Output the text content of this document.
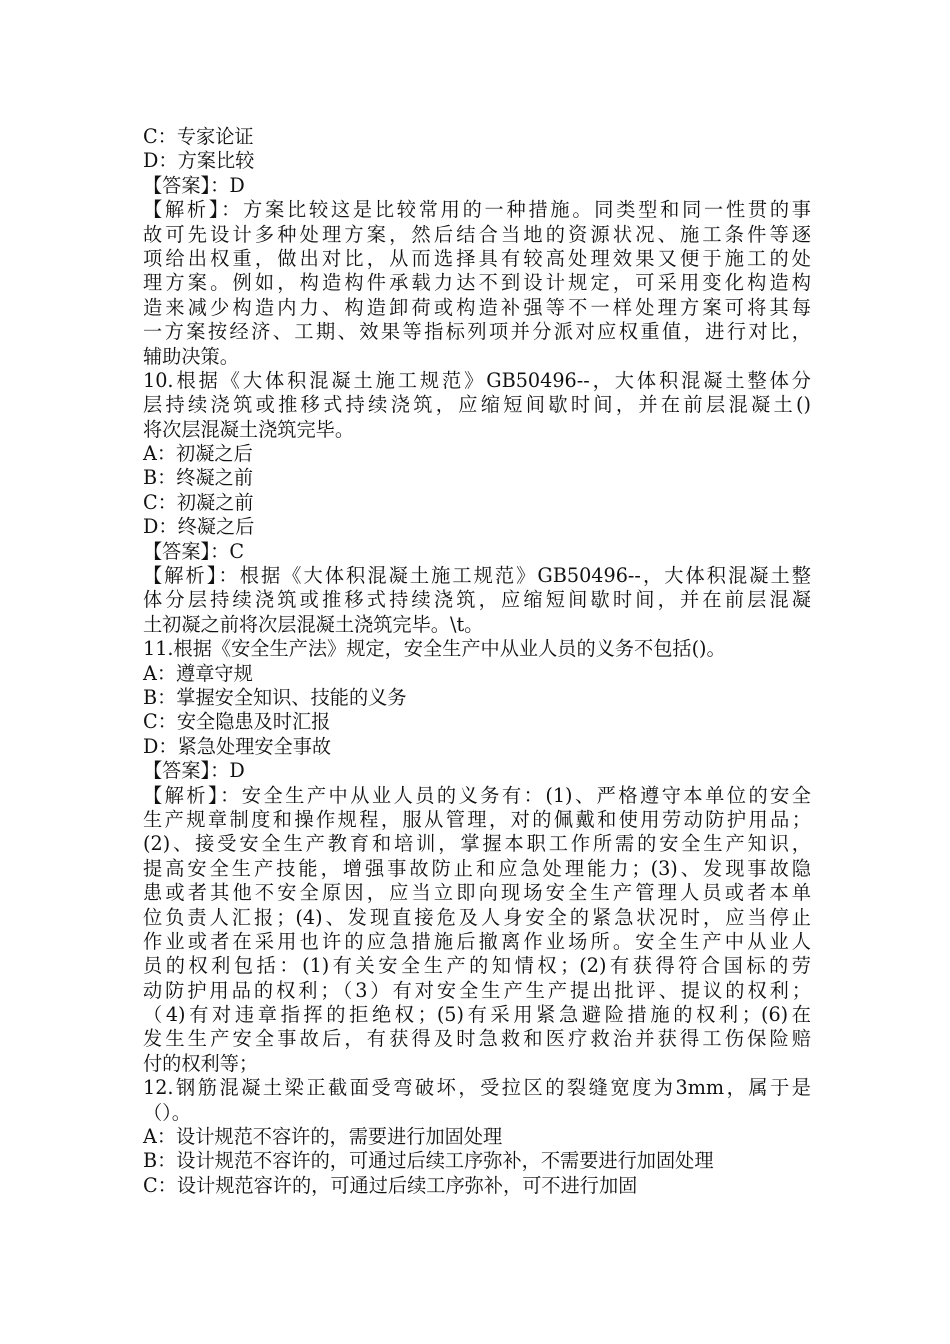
C：专家论证
D：方案比较
【答案】：D
【解析】：方案比较这是比较常用的一种措施。同类型和同一性贯的事
故可先设计多种处理方案，然后结合当地的资源状况、施工条件等逐
项给出权重，做出对比，从而选择具有较高处理效果又便于施工的处
理方案。例如，构造构件承载力达不到设计规定，可采用变化构造构
造来减少构造内力、构造卸荷或构造补强等不一样处理方案可将其每
一方案按经济、工期、效果等指标列项并分派对应权重值，进行对比，
辅助决策。
10.根据《大体积混凝土施工规范》GB50496--，大体积混凝土整体分
层持续浇筑或推移式持续浇筑，应缩短间歇时间，并在前层混凝土()
将次层混凝土浇筑完毕。
A：初凝之后
B：终凝之前
C：初凝之前
D：终凝之后
【答案】：C
【解析】：根据《大体积混凝土施工规范》GB50496--，大体积混凝土整
体分层持续浇筑或推移式持续浇筑，应缩短间歇时间，并在前层混凝
土初凝之前将次层混凝土浇筑完毕。\t。
11.根据《安全生产法》规定，安全生产中从业人员的义务不包括()。
A：遵章守规
B：掌握安全知识、技能的义务
C：安全隐患及时汇报
D：紧急处理安全事故
【答案】：D
【解析】：安全生产中从业人员的义务有：(1)、严格遵守本单位的安全
生产规章制度和操作规程，服从管理，对的佩戴和使用劳动防护用品；
(2)、接受安全生产教育和培训，掌握本职工作所需的安全生产知识，
提高安全生产技能，增强事故防止和应急处理能力；(3)、发现事故隐
患或者其他不安全原因，应当立即向现场安全生产管理人员或者本单
位负责人汇报；(4)、发现直接危及人身安全的紧急状况时，应当停止
作业或者在采用也许的应急措施后撤离作业场所。安全生产中从业人
员的权利包括：(1)有关安全生产的知情权；(2)有获得符合国标的劳
动防护用品的权利；（3）有对安全生产生产提出批评、提议的权利；
（4)有对违章指挥的拒绝权；(5)有采用紧急避险措施的权利；(6)在
发生生产安全事故后，有获得及时急救和医疗救治并获得工伤保险赔
付的权利等；
12.钢筋混凝土梁正截面受弯破坏，受拉区的裂缝宽度为3mm，属于是
（）。
A：设计规范不容许的，需要进行加固处理
B：设计规范不容许的，可通过后续工序弥补，不需要进行加固处理
C：设计规范容许的，可通过后续工序弥补，可不进行加固
